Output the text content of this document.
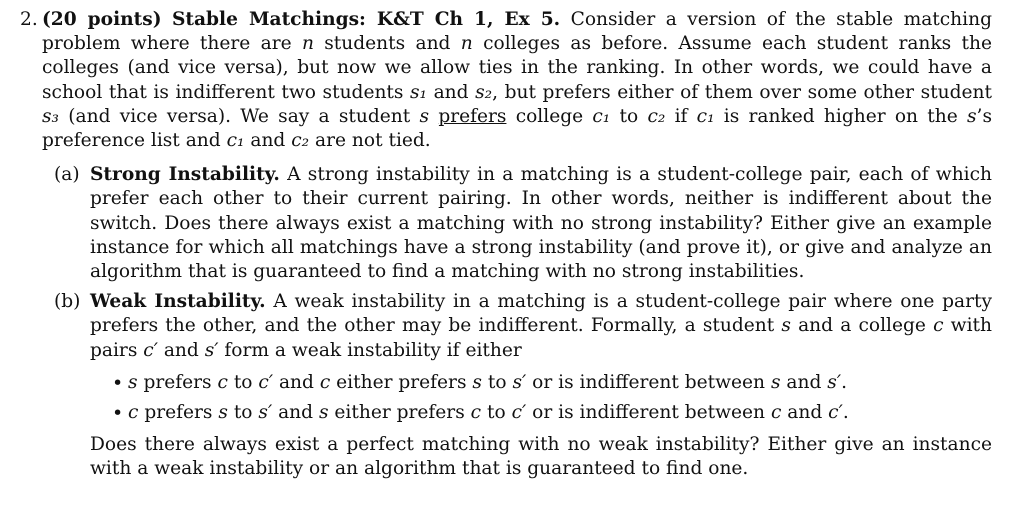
2. (20 points) Stable Matchings: K&T Ch 1, Ex 5. Consider a version of the stable matching problem where there are n students and n colleges as before. Assume each student ranks the colleges (and vice versa), but now we allow ties in the ranking. In other words, we could have a school that is indifferent two students s₁ and s₂, but prefers either of them over some other student s₃ (and vice versa). We say a student s prefers college c₁ to c₂ if c₁ is ranked higher on the s’s preference list and c₁ and c₂ are not tied.
(a) Strong Instability. A strong instability in a matching is a student-college pair, each of which prefer each other to their current pairing. In other words, neither is indifferent about the switch. Does there always exist a matching with no strong instability? Either give an example instance for which all matchings have a strong instability (and prove it), or give and analyze an algorithm that is guaranteed to find a matching with no strong instabilities.
(b) Weak Instability. A weak instability in a matching is a student-college pair where one party prefers the other, and the other may be indifferent. Formally, a student s and a college c with pairs c′ and s′ form a weak instability if either
• s prefers c to c′ and c either prefers s to s′ or is indifferent between s and s′.
• c prefers s to s′ and s either prefers c to c′ or is indifferent between c and c′.
Does there always exist a perfect matching with no weak instability? Either give an instance with a weak instability or an algorithm that is guaranteed to find one.
